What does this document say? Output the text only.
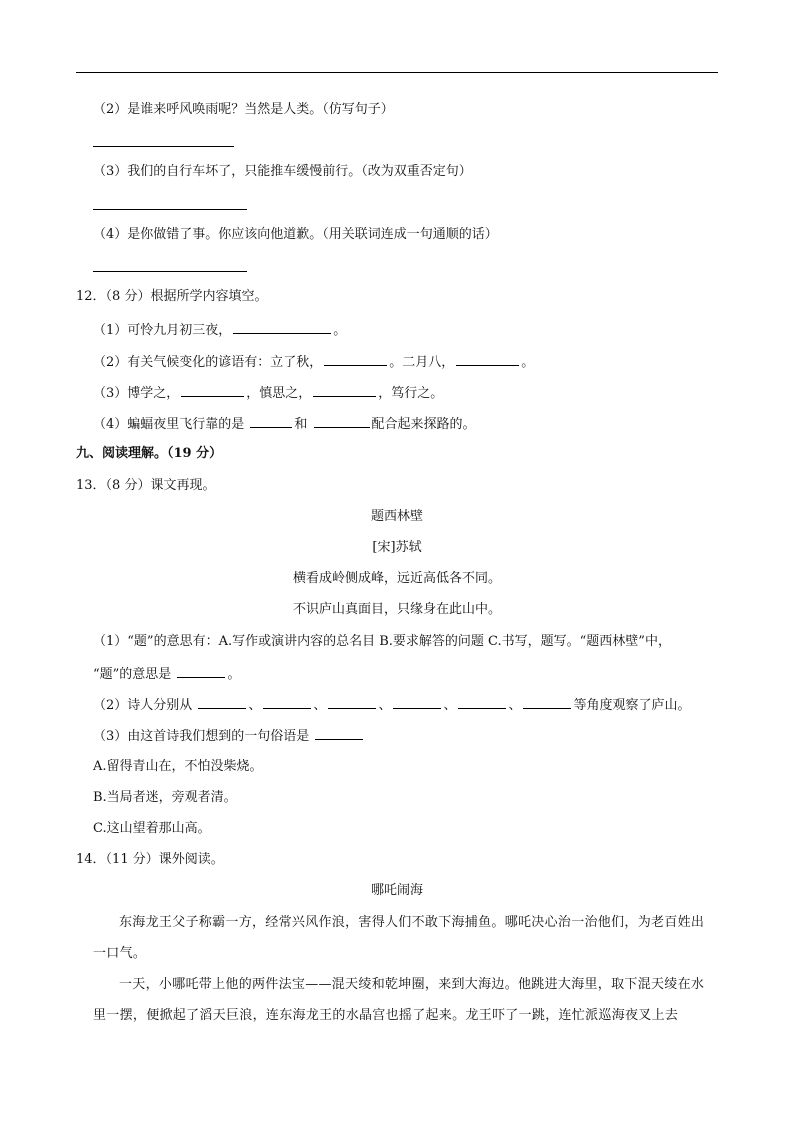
（2）是谁来呼风唤雨呢？当然是人类。（仿写句子）
（3）我们的自行车坏了，只能推车缓慢前行。（改为双重否定句）
（4）是你做错了事。你应该向他道歉。（用关联词连成一句通顺的话）
12．（8 分）根据所学内容填空。
（1）可怜九月初三夜，	。
（2）有关气候变化的谚语有：立了秋，	。二月八，	。
（3）博学之，	，慎思之，	，笃行之。
（4）蝙蝠夜里飞行靠的是	和	配合起来探路的。
九、阅读理解。（19 分）
13．（8 分）课文再现。
题西林壁
[宋]苏轼
横看成岭侧成峰，远近高低各不同。
不识庐山真面目，只缘身在此山中。
（1）“题”的意思有：A.写作或演讲内容的总名目 B.要求解答的问题 C.书写，题写。“题西林壁”中，
“题”的意思是	。
（2）诗人分别从	、	、	、	、	、	等角度观察了庐山。
（3）由这首诗我们想到的一句俗语是
A.留得青山在，不怕没柴烧。
B.当局者迷，旁观者清。
C.这山望着那山高。
14．（11 分）课外阅读。
哪吒闹海
东海龙王父子称霸一方，经常兴风作浪，害得人们不敢下海捕鱼。哪吒决心治一治他们，为老百姓出一口气。
一天，小哪吒带上他的两件法宝——混天绫和乾坤圈，来到大海边。他跳进大海里，取下混天绫在水里一摆，便掀起了滔天巨浪，连东海龙王的水晶宫也摇了起来。龙王吓了一跳，连忙派巡海夜叉上去
